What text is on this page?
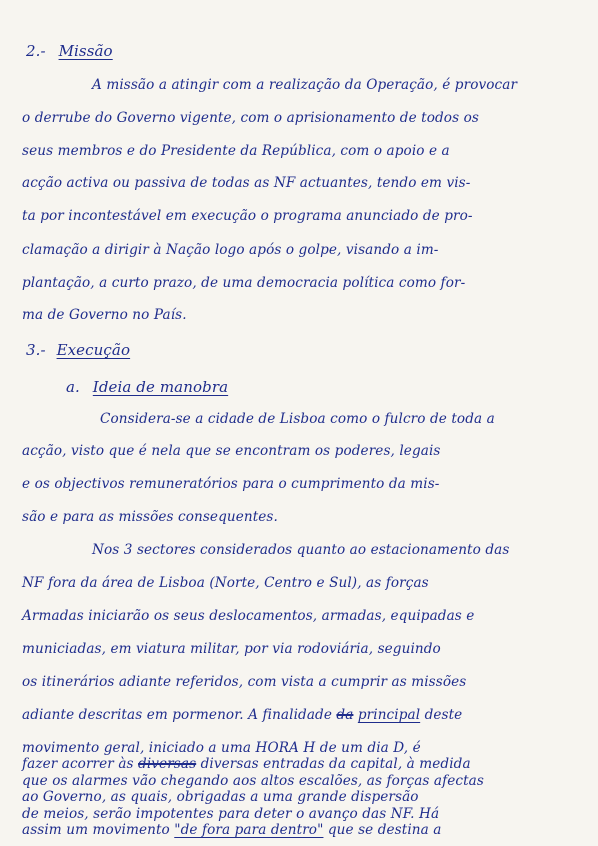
2.- Missão
A missão a atingir com a realização da Operação, é provocar
o derrube do Governo vigente, com o aprisionamento de todos os
seus membros e do Presidente da República, com o apoio e a
acção activa ou passiva de todas as NF actuantes, tendo em vis-
ta por incontestável em execução o programa anunciado de pro-
clamação a dirigir à Nação logo após o golpe, visando a im-
plantação, a curto prazo, de uma democracia política como for-
ma de Governo no País.
3.- Execução
a. Ideia de manobra
Considera-se a cidade de Lisboa como o fulcro de toda a
acção, visto que é nela que se encontram os poderes, legais
e os objectivos remuneratórios para o cumprimento da mis-
são e para as missões consequentes.
Nos 3 sectores considerados quanto ao estacionamento das
NF fora da área de Lisboa (Norte, Centro e Sul), as forças
Armadas iniciarão os seus deslocamentos, armadas, equipadas e
municiadas, em viatura militar, por via rodoviária, seguindo
os itinerários adiante referidos, com vista a cumprir as missões
adiante descritas em pormenor. A finalidade da principal deste
movimento geral, iniciado a uma HORA H de um dia D, é
fazer acorrer às diversas diversas entradas da capital, à medida
que os alarmes vão chegando aos altos escalões, as forças afectas
ao Governo, as quais, obrigadas a uma grande dispersão
de meios, serão impotentes para deter o avanço das NF. Há
assim um movimento "de fora para dentro" que se destina a
